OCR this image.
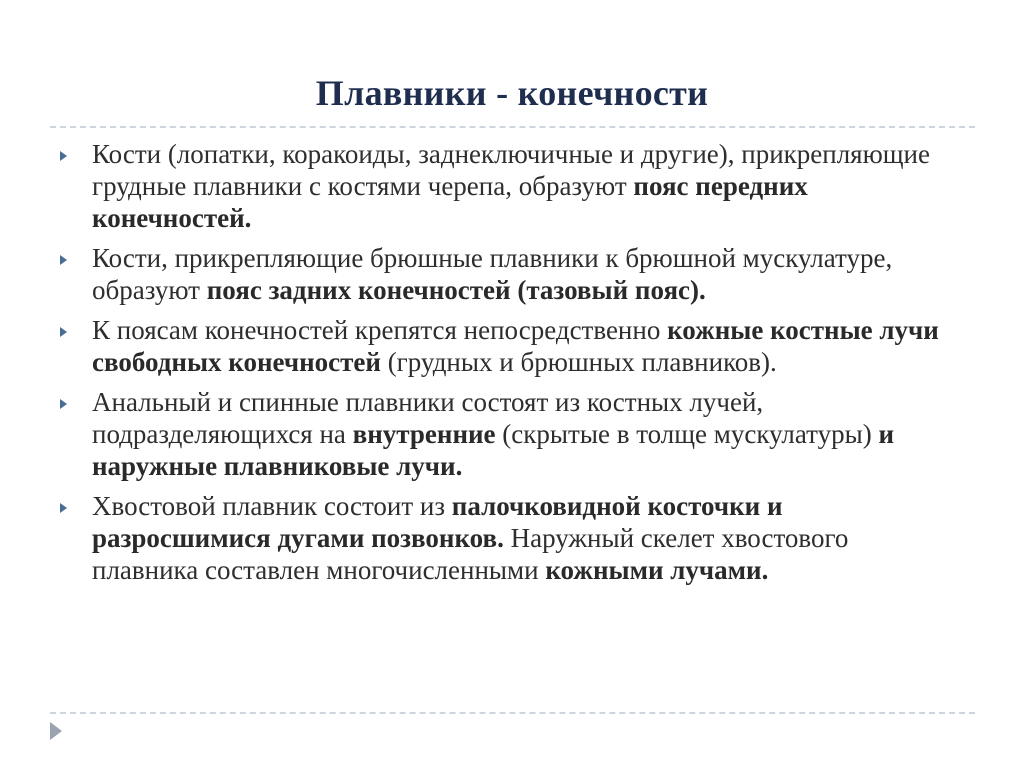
Плавники - конечности
Кости (лопатки, коракоиды, заднеключичные и другие), прикрепляющие грудные плавники с костями черепа, образуют пояс передних конечностей.
Кости, прикрепляющие брюшные плавники к брюшной мускулатуре, образуют пояс задних конечностей (тазовый пояс).
К поясам конечностей крепятся непосредственно кожные костные лучи свободных конечностей (грудных и брюшных плавников).
Анальный и спинные плавники состоят из костных лучей, подразделяющихся на внутренние (скрытые в толще мускулатуры) и наружные плавниковые лучи.
Хвостовой плавник состоит из палочковидной косточки и разросшимися дугами позвонков. Наружный скелет хвостового плавника составлен многочисленными кожными лучами.
